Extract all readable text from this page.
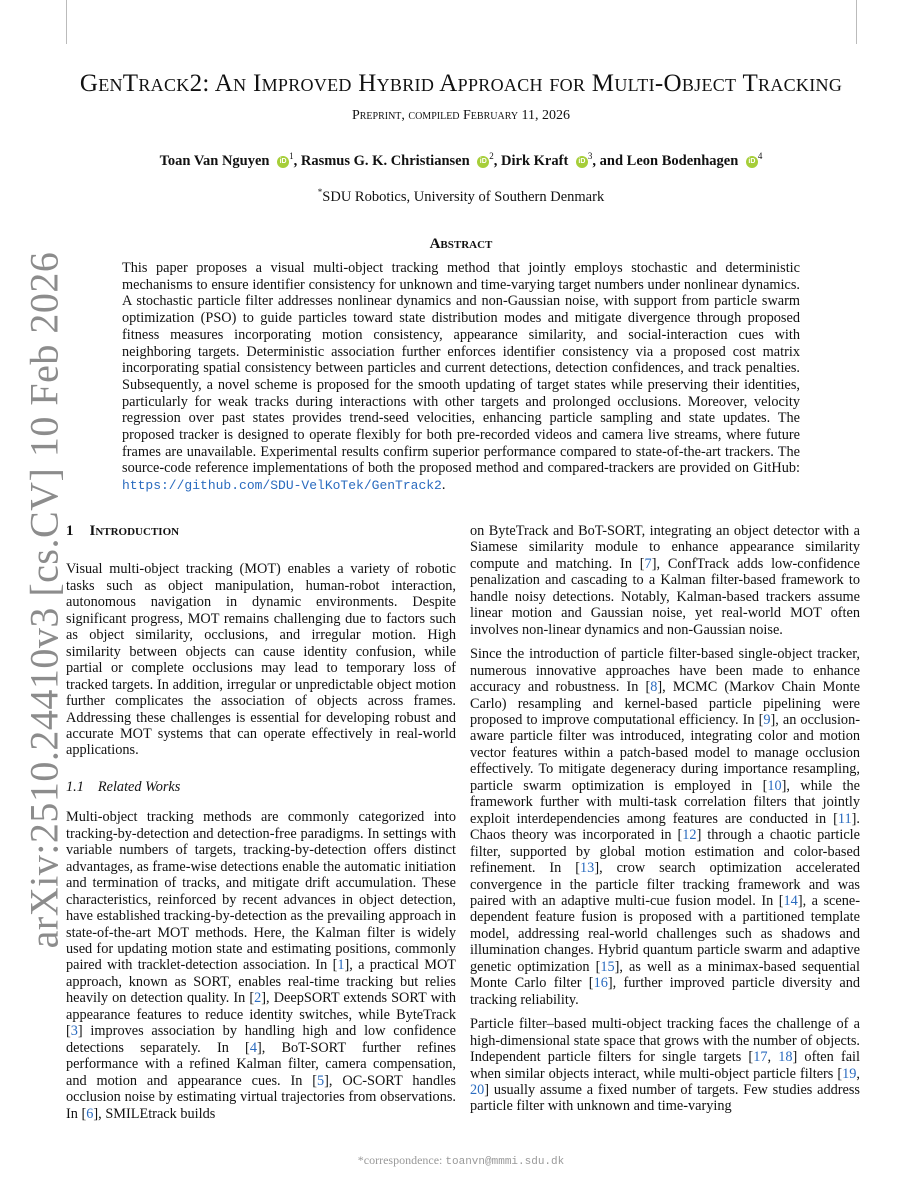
arXiv:2510.24410v3 [cs.CV] 10 Feb 2026
GenTrack2: An Improved Hybrid Approach for Multi-Object Tracking
Preprint, compiled February 11, 2026
Toan Van Nguyen $iD^1$, Rasmus G. K. Christiansen $iD^2$, Dirk Kraft $iD^3$, and Leon Bodenhagen $iD^4$
*SDU Robotics, University of Southern Denmark
Abstract
This paper proposes a visual multi-object tracking method that jointly employs stochastic and deterministic mechanisms to ensure identifier consistency for unknown and time-varying target numbers under nonlinear dynamics. A stochastic particle filter addresses nonlinear dynamics and non-Gaussian noise, with support from particle swarm optimization (PSO) to guide particles toward state distribution modes and mitigate divergence through proposed fitness measures incorporating motion consistency, appearance similarity, and social-interaction cues with neighboring targets. Deterministic association further enforces identifier consistency via a proposed cost matrix incorporating spatial consistency between particles and current detections, detection confidences, and track penalties. Subsequently, a novel scheme is proposed for the smooth updating of target states while preserving their identities, particularly for weak tracks during interactions with other targets and prolonged occlusions. Moreover, velocity regression over past states provides trend-seed velocities, enhancing particle sampling and state updates. The proposed tracker is designed to operate flexibly for both pre-recorded videos and camera live streams, where future frames are unavailable. Experimental results confirm superior performance compared to state-of-the-art trackers. The source-code reference implementations of both the proposed method and compared-trackers are provided on GitHub: https://github.com/SDU-VelKoTek/GenTrack2.
1 Introduction

Visual multi-object tracking (MOT) enables a variety of robotic tasks such as object manipulation, human-robot interaction, autonomous navigation in dynamic environments. Despite significant progress, MOT remains challenging due to factors such as object similarity, occlusions, and irregular motion. High similarity between objects can cause identity confusion, while partial or complete occlusions may lead to temporary loss of tracked targets. In addition, irregular or unpredictable object motion further complicates the association of objects across frames. Addressing these challenges is essential for developing robust and accurate MOT systems that can operate effectively in real-world applications.

1.1 Related Works

Multi-object tracking methods are commonly categorized into tracking-by-detection and detection-free paradigms. In settings with variable numbers of targets, tracking-by-detection offers distinct advantages, as frame-wise detections enable the automatic initiation and termination of tracks, and mitigate drift accumulation. These characteristics, reinforced by recent advances in object detection, have established tracking-by-detection as the prevailing approach in state-of-the-art MOT methods. Here, the Kalman filter is widely used for updating motion state and estimating positions, commonly paired with tracklet-detection association. In [1], a practical MOT approach, known as SORT, enables real-time tracking but relies heavily on detection quality. In [2], DeepSORT extends SORT with appearance features to reduce identity switches, while ByteTrack [3] improves association by handling high and low confidence detections separately. In [4], BoT-SORT further refines performance with a refined Kalman filter, camera compensation, and motion and appearance cues. In [5], OC-SORT handles occlusion noise by estimating virtual trajectories from observations. In [6], SMILEtrack builds

on ByteTrack and BoT-SORT, integrating an object detector with a Siamese similarity module to enhance appearance similarity compute and matching. In [7], ConfTrack adds low-confidence penalization and cascading to a Kalman filter-based framework to handle noisy detections. Notably, Kalman-based trackers assume linear motion and Gaussian noise, yet real-world MOT often involves non-linear dynamics and non-Gaussian noise.

Since the introduction of particle filter-based single-object tracker, numerous innovative approaches have been made to enhance accuracy and robustness. In [8], MCMC (Markov Chain Monte Carlo) resampling and kernel-based particle pipelining were proposed to improve computational efficiency. In [9], an occlusion-aware particle filter was introduced, integrating color and motion vector features within a patch-based model to manage occlusion effectively. To mitigate degeneracy during importance resampling, particle swarm optimization is employed in [10], while the framework further with multi-task correlation filters that jointly exploit interdependencies among features are conducted in [11]. Chaos theory was incorporated in [12] through a chaotic particle filter, supported by global motion estimation and color-based refinement. In [13], crow search optimization accelerated convergence in the particle filter tracking framework and was paired with an adaptive multi-cue fusion model. In [14], a scene-dependent feature fusion is proposed with a partitioned template model, addressing real-world challenges such as shadows and illumination changes. Hybrid quantum particle swarm and adaptive genetic optimization [15], as well as a minimax-based sequential Monte Carlo filter [16], further improved particle diversity and tracking reliability.

Particle filter–based multi-object tracking faces the challenge of a high-dimensional state space that grows with the number of objects. Independent particle filters for single targets [17, 18] often fail when similar objects interact, while multi-object particle filters [19, 20] usually assume a fixed number of targets. Few studies address particle filter with unknown and time-varying

*correspondence: toanvn@mmmi.sdu.dk
